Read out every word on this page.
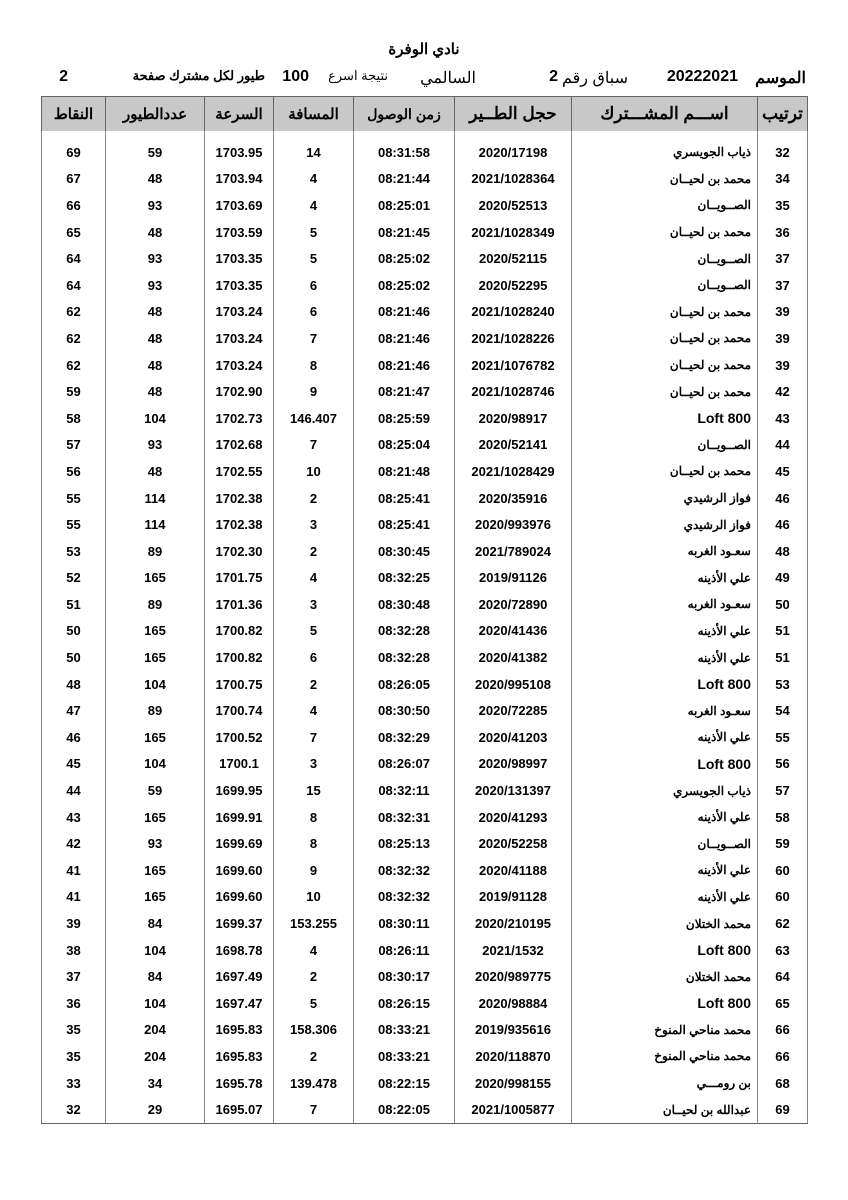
نادي الوفرة
الموسم
20222021
سباق رقم
2
السالمي
نتيجة اسرع
100
طيور لكل مشترك صفحة
2
ترتيب	اســـم المشـــترك	حجل الطــير	زمن الوصول	المسافة	السرعة	عددالطيور	النقاط

32	ذياب الجويسري	2020/17198	08:31:58	14	1703.95	59	69
34	محمد بن لحيــان	2021/1028364	08:21:44	4	1703.94	48	67
35	الصــويــان	2020/52513	08:25:01	4	1703.69	93	66
36	محمد بن لحيــان	2021/1028349	08:21:45	5	1703.59	48	65
37	الصــويــان	2020/52115	08:25:02	5	1703.35	93	64
37	الصــويــان	2020/52295	08:25:02	6	1703.35	93	64
39	محمد بن لحيــان	2021/1028240	08:21:46	6	1703.24	48	62
39	محمد بن لحيــان	2021/1028226	08:21:46	7	1703.24	48	62
39	محمد بن لحيــان	2021/1076782	08:21:46	8	1703.24	48	62
42	محمد بن لحيــان	2021/1028746	08:21:47	9	1702.90	48	59
43	Loft 800	2020/98917	08:25:59	146.407	1702.73	104	58
44	الصــويــان	2020/52141	08:25:04	7	1702.68	93	57
45	محمد بن لحيــان	2021/1028429	08:21:48	10	1702.55	48	56
46	فواز الرشيدي	2020/35916	08:25:41	2	1702.38	114	55
46	فواز الرشيدي	2020/993976	08:25:41	3	1702.38	114	55
48	سعـود الغربه	2021/789024	08:30:45	2	1702.30	89	53
49	علي الأذينه	2019/91126	08:32:25	4	1701.75	165	52
50	سعـود الغربه	2020/72890	08:30:48	3	1701.36	89	51
51	علي الأذينه	2020/41436	08:32:28	5	1700.82	165	50
51	علي الأذينه	2020/41382	08:32:28	6	1700.82	165	50
53	Loft 800	2020/995108	08:26:05	2	1700.75	104	48
54	سعـود الغربه	2020/72285	08:30:50	4	1700.74	89	47
55	علي الأذينه	2020/41203	08:32:29	7	1700.52	165	46
56	Loft 800	2020/98997	08:26:07	3	1700.1	104	45
57	ذياب الجويسري	2020/131397	08:32:11	15	1699.95	59	44
58	علي الأذينه	2020/41293	08:32:31	8	1699.91	165	43
59	الصــويــان	2020/52258	08:25:13	8	1699.69	93	42
60	علي الأذينه	2020/41188	08:32:32	9	1699.60	165	41
60	علي الأذينه	2019/91128	08:32:32	10	1699.60	165	41
62	محمد الختلان	2020/210195	08:30:11	153.255	1699.37	84	39
63	Loft 800	2021/1532	08:26:11	4	1698.78	104	38
64	محمد الختلان	2020/989775	08:30:17	2	1697.49	84	37
65	Loft 800	2020/98884	08:26:15	5	1697.47	104	36
66	محمد مناحي المنوخ	2019/935616	08:33:21	158.306	1695.83	204	35
66	محمد مناحي المنوخ	2020/118870	08:33:21	2	1695.83	204	35
68	بن رومـــي	2020/998155	08:22:15	139.478	1695.78	34	33
69	عبدالله بن لحيــان	2021/1005877	08:22:05	7	1695.07	29	32
